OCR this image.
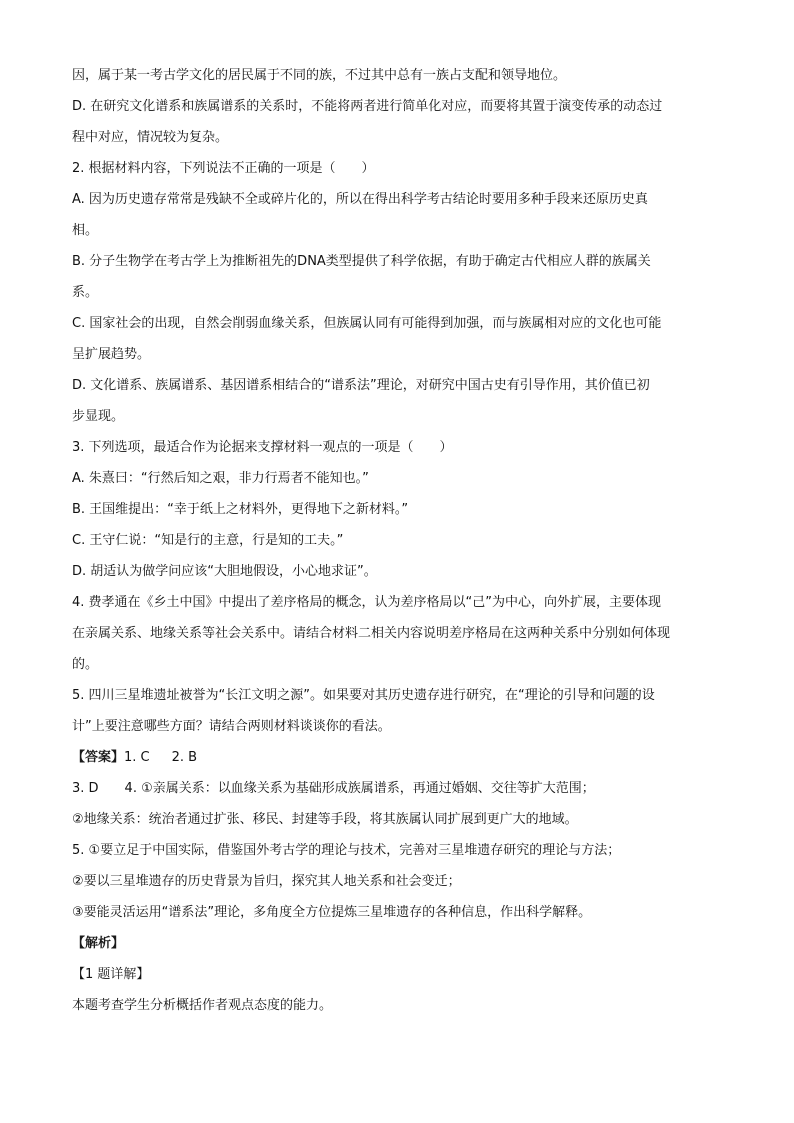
因，属于某一考古学文化的居民属于不同的族，不过其中总有一族占支配和领导地位。
D. 在研究文化谱系和族属谱系的关系时，不能将两者进行简单化对应，而要将其置于演变传承的动态过
程中对应，情况较为复杂。
2. 根据材料内容，下列说法不正确的一项是（　　）
A. 因为历史遗存常常是残缺不全或碎片化的，所以在得出科学考古结论时要用多种手段来还原历史真
相。
B. 分子生物学在考古学上为推断祖先的DNA类型提供了科学依据，有助于确定古代相应人群的族属关
系。
C. 国家社会的出现，自然会削弱血缘关系，但族属认同有可能得到加强，而与族属相对应的文化也可能
呈扩展趋势。
D. 文化谱系、族属谱系、基因谱系相结合的“谱系法”理论，对研究中国古史有引导作用，其价值已初
步显现。
3. 下列选项，最适合作为论据来支撑材料一观点的一项是（　　）
A. 朱熹曰：“行然后知之艰，非力行焉者不能知也。”
B. 王国维提出：“幸于纸上之材料外，更得地下之新材料。”
C. 王守仁说：“知是行的主意，行是知的工夫。”
D. 胡适认为做学问应该“大胆地假设，小心地求证”。
4. 费孝通在《乡土中国》中提出了差序格局的概念，认为差序格局以“己”为中心，向外扩展，主要体现
在亲属关系、地缘关系等社会关系中。请结合材料二相关内容说明差序格局在这两种关系中分别如何体现
的。
5. 四川三星堆遗址被誉为“长江文明之源”。如果要对其历史遗存进行研究，在“理论的引导和问题的设
计”上要注意哪些方面？请结合两则材料谈谈你的看法。
【答案】1. C 2. B
3. D　　4. ①亲属关系：以血缘关系为基础形成族属谱系，再通过婚姻、交往等扩大范围；
②地缘关系：统治者通过扩张、移民、封建等手段，将其族属认同扩展到更广大的地域。
5. ①要立足于中国实际，借鉴国外考古学的理论与技术，完善对三星堆遗存研究的理论与方法；
②要以三星堆遗存的历史背景为旨归，探究其人地关系和社会变迁；
③要能灵活运用“谱系法”理论，多角度全方位提炼三星堆遗存的各种信息，作出科学解释。
【解析】
【1 题详解】
本题考查学生分析概括作者观点态度的能力。
